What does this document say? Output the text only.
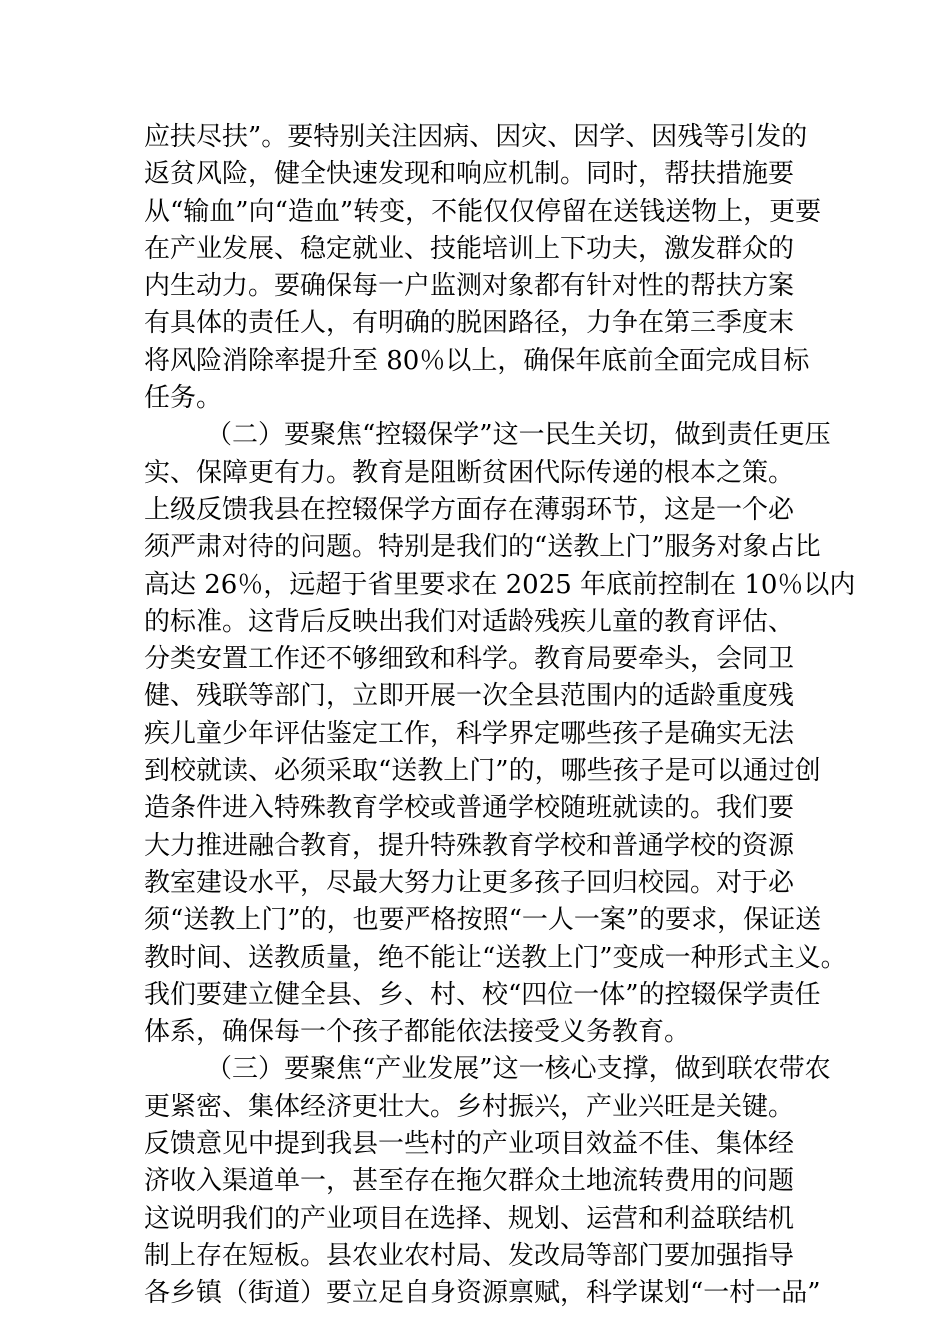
应扶尽扶”。要特别关注因病、因灾、因学、因残等引发的
返贫风险，健全快速发现和响应机制。同时，帮扶措施要
从“输血”向“造血”转变，不能仅仅停留在送钱送物上，更要
在产业发展、稳定就业、技能培训上下功夫，激发群众的
内生动力。要确保每一户监测对象都有针对性的帮扶方案
有具体的责任人，有明确的脱困路径，力争在第三季度末
将风险消除率提升至 80％以上，确保年底前全面完成目标
任务。
（二）要聚焦“控辍保学”这一民生关切，做到责任更压
实、保障更有力。教育是阻断贫困代际传递的根本之策。
上级反馈我县在控辍保学方面存在薄弱环节，这是一个必
须严肃对待的问题。特别是我们的“送教上门”服务对象占比
高达 26％，远超于省里要求在 2025 年底前控制在 10％以内
的标准。这背后反映出我们对适龄残疾儿童的教育评估、
分类安置工作还不够细致和科学。教育局要牵头，会同卫
健、残联等部门，立即开展一次全县范围内的适龄重度残
疾儿童少年评估鉴定工作，科学界定哪些孩子是确实无法
到校就读、必须采取“送教上门”的，哪些孩子是可以通过创
造条件进入特殊教育学校或普通学校随班就读的。我们要
大力推进融合教育，提升特殊教育学校和普通学校的资源
教室建设水平，尽最大努力让更多孩子回归校园。对于必
须“送教上门”的，也要严格按照“一人一案”的要求，保证送
教时间、送教质量，绝不能让“送教上门”变成一种形式主义。
我们要建立健全县、乡、村、校“四位一体”的控辍保学责任
体系，确保每一个孩子都能依法接受义务教育。
（三）要聚焦“产业发展”这一核心支撑，做到联农带农
更紧密、集体经济更壮大。乡村振兴，产业兴旺是关键。
反馈意见中提到我县一些村的产业项目效益不佳、集体经
济收入渠道单一，甚至存在拖欠群众土地流转费用的问题
这说明我们的产业项目在选择、规划、运营和利益联结机
制上存在短板。县农业农村局、发改局等部门要加强指导
各乡镇（街道）要立足自身资源禀赋，科学谋划“一村一品”
